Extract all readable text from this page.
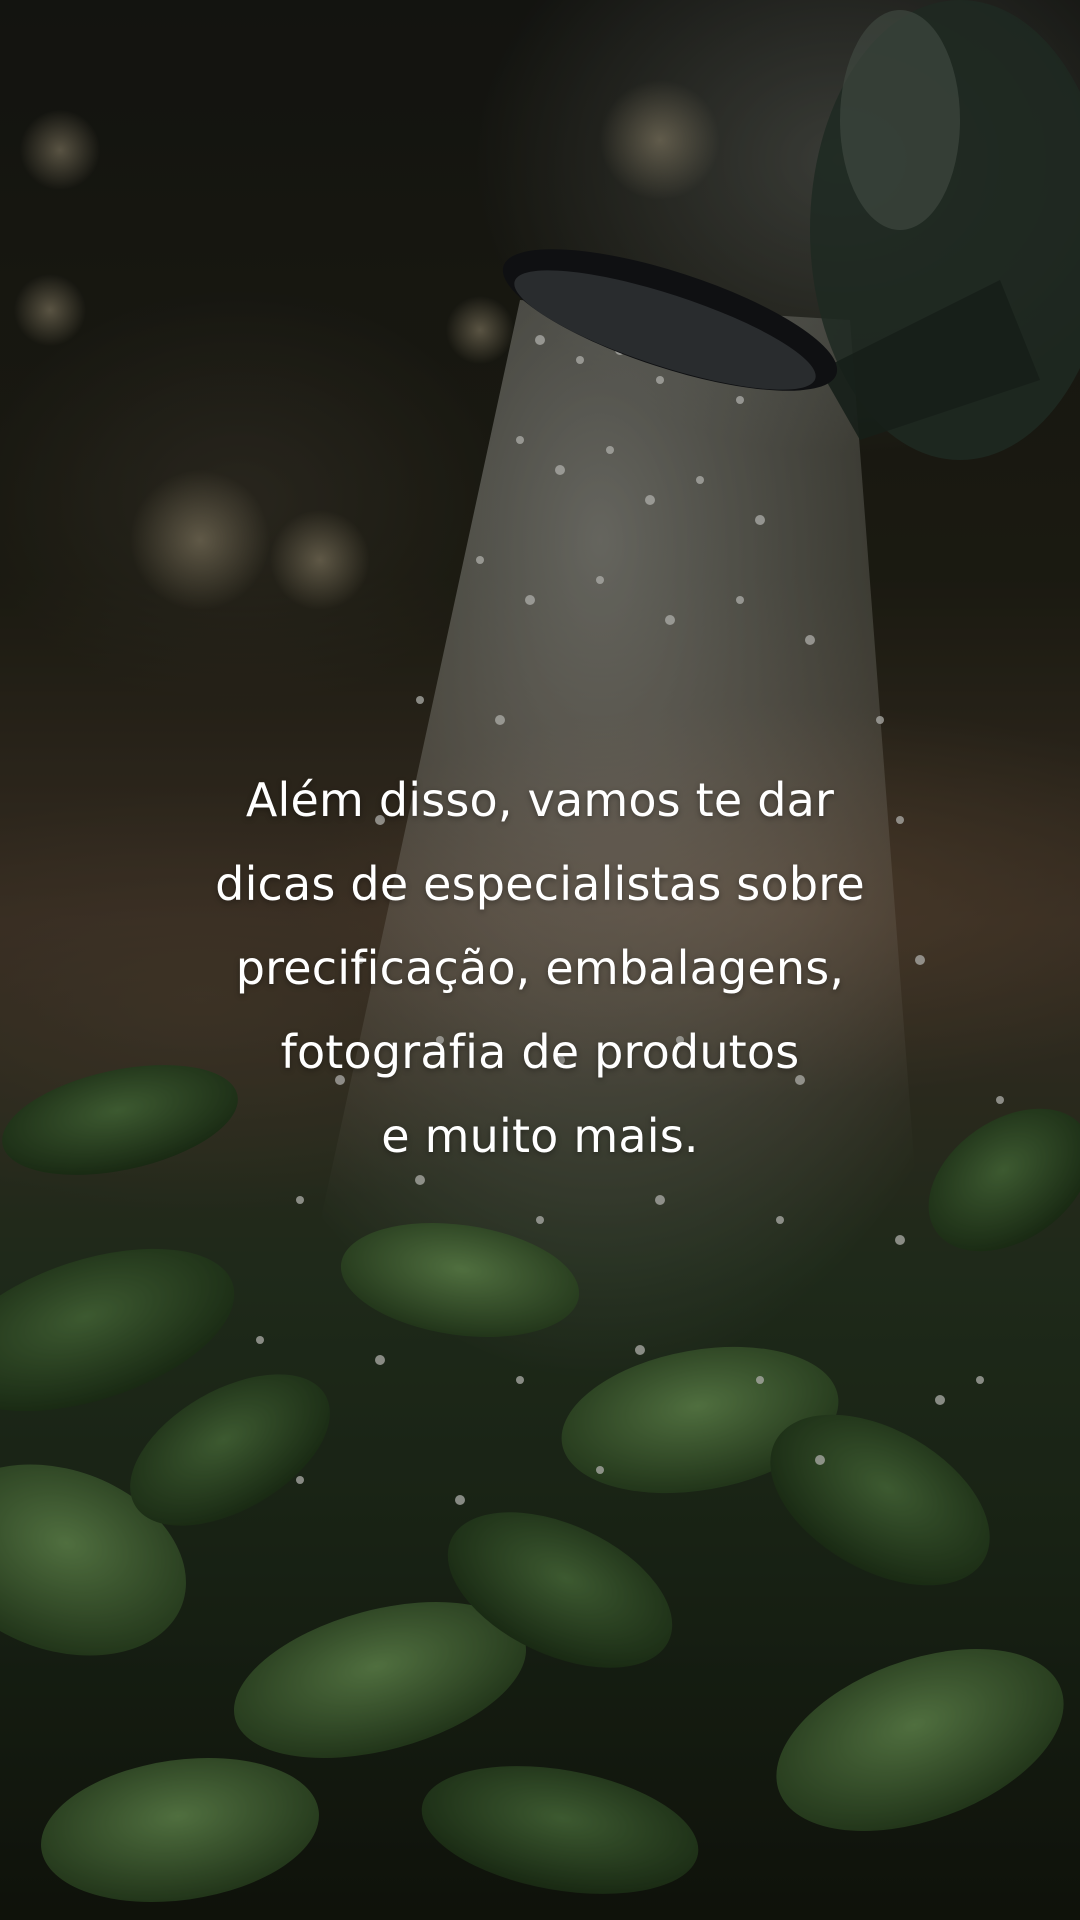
Além disso, vamos te dar
dicas de especialistas sobre
precificação, embalagens,
fotografia de produtos
e muito mais.
